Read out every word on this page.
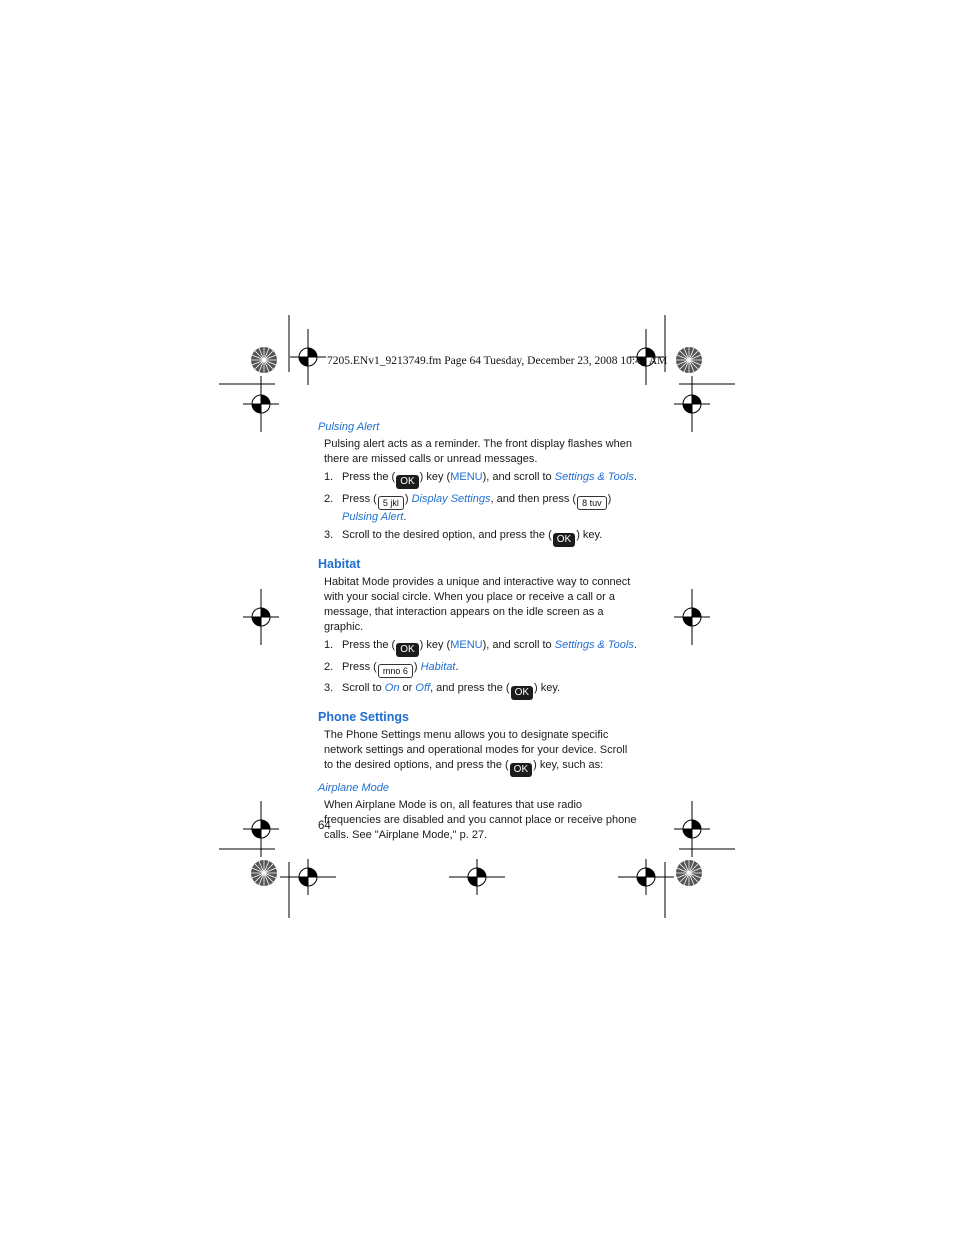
7205.ENv1_9213749.fm Page 64 Tuesday, December 23, 2008 10:47 AM
Pulsing Alert

Pulsing alert acts as a reminder. The front display flashes when there are missed calls or unread messages.

1. Press the ( OK ) key (MENU), and scroll to Settings & Tools.
2. Press ( 5 jkl ) Display Settings, and then press ( 8 tuv ) Pulsing Alert.
3. Scroll to the desired option, and press the ( OK ) key.
Habitat

Habitat Mode provides a unique and interactive way to connect with your social circle. When you place or receive a call or a message, that interaction appears on the idle screen as a graphic.

1. Press the ( OK ) key (MENU), and scroll to Settings & Tools.
2. Press ( mno 6 ) Habitat.
3. Scroll to On or Off, and press the ( OK ) key.
Phone Settings

The Phone Settings menu allows you to designate specific network settings and operational modes for your device. Scroll to the desired options, and press the ( OK ) key, such as:

Airplane Mode

When Airplane Mode is on, all features that use radio frequencies are disabled and you cannot place or receive phone calls. See "Airplane Mode," p. 27.

64
